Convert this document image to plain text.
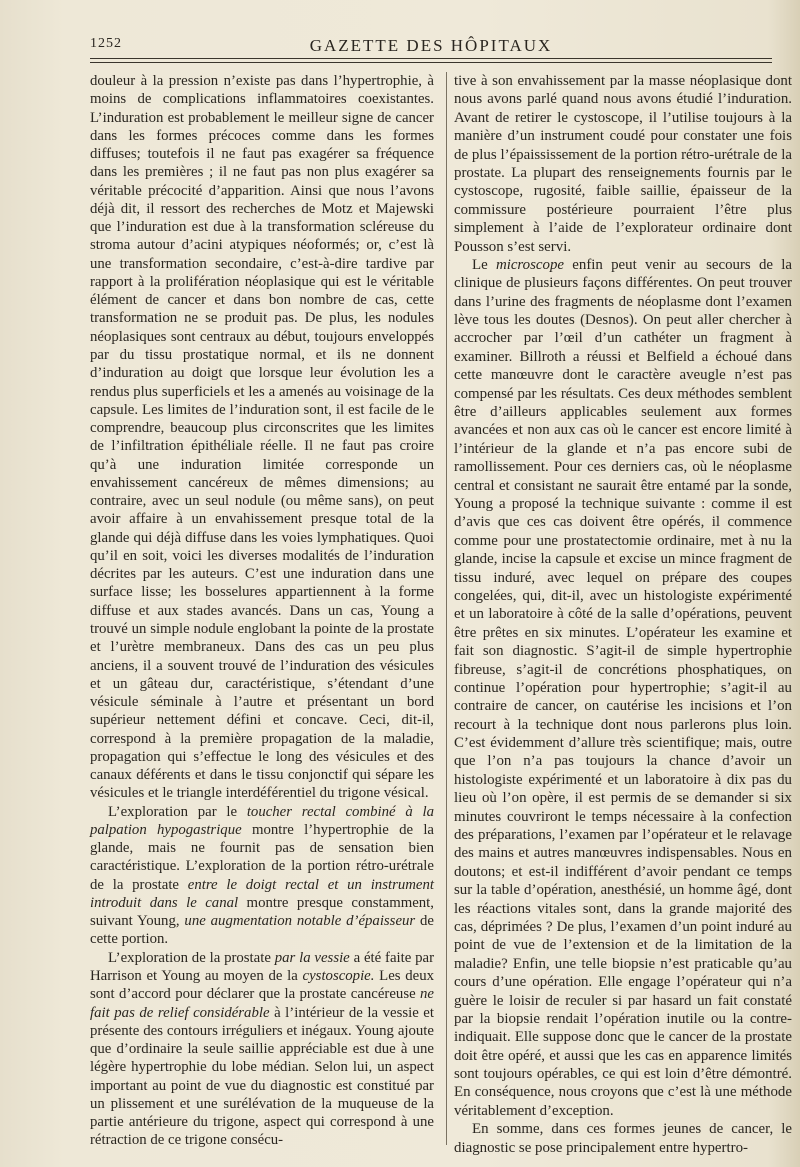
1252	GAZETTE DES HÔPITAUX

douleur à la pression n’existe pas dans l’hypertrophie, à moins de complications inflammatoires coexistantes. L’induration est probablement le meilleur signe de cancer dans les formes précoces comme dans les formes diffuses; toutefois il ne faut pas exagérer sa fréquence dans les premières ; il ne faut pas non plus exagérer sa véritable précocité d’apparition. Ainsi que nous l’avons déjà dit, il ressort des recherches de Motz et Majewski que l’induration est due à la transformation scléreuse du stroma autour d’acini atypiques néoformés; or, c’est là une transformation secondaire, c’est-à-dire tardive par rapport à la prolifération néoplasique qui est le véritable élément de cancer et dans bon nombre de cas, cette transformation ne se produit pas. De plus, les nodules néoplasiques sont centraux au début, toujours enveloppés par du tissu prostatique normal, et ils ne donnent d’induration au doigt que lorsque leur évolution les a rendus plus superficiels et les a amenés au voisinage de la capsule. Les limites de l’induration sont, il est facile de le comprendre, beaucoup plus circonscrites que les limites de l’infiltration épithéliale réelle. Il ne faut pas croire qu’à une induration limitée corresponde un envahissement cancéreux de mêmes dimensions; au contraire, avec un seul nodule (ou même sans), on peut avoir affaire à un envahissement presque total de la glande qui déjà diffuse dans les voies lymphatiques. Quoi qu’il en soit, voici les diverses modalités de l’induration décrites par les auteurs. C’est une induration dans une surface lisse; les bosselures appartiennent à la forme diffuse et aux stades avancés. Dans un cas, Young a trouvé un simple nodule englobant la pointe de la prostate et l’urètre membraneux. Dans des cas un peu plus anciens, il a souvent trouvé de l’induration des vésicules et un gâteau dur, caractéristique, s’étendant d’une vésicule séminale à l’autre et présentant un bord supérieur nettement défini et concave. Ceci, dit-il, correspond à la première propagation de la maladie, propagation qui s’effectue le long des vésicules et des canaux déférents et dans le tissu conjonctif qui sépare les vésicules et le triangle interdéférentiel du trigone vésical.

L’exploration par le toucher rectal combiné à la palpation hypogastrique montre l’hypertrophie de la glande, mais ne fournit pas de sensation bien caractéristique. L’exploration de la portion rétro-urétrale de la prostate entre le doigt rectal et un instrument introduit dans le canal montre presque constamment, suivant Young, une augmentation notable d’épaisseur de cette portion.

L’exploration de la prostate par la vessie a été faite par Harrison et Young au moyen de la cystoscopie. Les deux sont d’accord pour déclarer que la prostate cancéreuse ne fait pas de relief considérable à l’intérieur de la vessie et présente des contours irréguliers et inégaux. Young ajoute que d’ordinaire la seule saillie appréciable est due à une légère hypertrophie du lobe médian. Selon lui, un aspect important au point de vue du diagnostic est constitué par un plissement et une surélévation de la muqueuse de la partie antérieure du trigone, aspect qui correspond à une rétraction de ce trigone consécu-

tive à son envahissement par la masse néoplasique dont nous avons parlé quand nous avons étudié l’induration. Avant de retirer le cystoscope, il l’utilise toujours à la manière d’un instrument coudé pour constater une fois de plus l’épaississement de la portion rétro-urétrale de la prostate. La plupart des renseignements fournis par le cystoscope, rugosité, faible saillie, épaisseur de la commissure postérieure pourraient l’être plus simplement à l’aide de l’explorateur ordinaire dont Pousson s’est servi.

Le microscope enfin peut venir au secours de la clinique de plusieurs façons différentes. On peut trouver dans l’urine des fragments de néoplasme dont l’examen lève tous les doutes (Desnos). On peut aller chercher à accrocher par l’œil d’un cathéter un fragment à examiner. Billroth a réussi et Belfield a échoué dans cette manœuvre dont le caractère aveugle n’est pas compensé par les résultats. Ces deux méthodes semblent être d’ailleurs applicables seulement aux formes avancées et non aux cas où le cancer est encore limité à l’intérieur de la glande et n’a pas encore subi de ramollissement. Pour ces derniers cas, où le néoplasme central et consistant ne saurait être entamé par la sonde, Young a proposé la technique suivante : comme il est d’avis que ces cas doivent être opérés, il commence comme pour une prostatectomie ordinaire, met à nu la glande, incise la capsule et excise un mince fragment de tissu induré, avec lequel on prépare des coupes congelées, qui, dit-il, avec un histologiste expérimenté et un laboratoire à côté de la salle d’opérations, peuvent être prêtes en six minutes. L’opérateur les examine et fait son diagnostic. S’agit-il de simple hypertrophie fibreuse, s’agit-il de concrétions phosphatiques, on continue l’opération pour hypertrophie; s’agit-il au contraire de cancer, on cautérise les incisions et l’on recourt à la technique dont nous parlerons plus loin. C’est évidemment d’allure très scientifique; mais, outre que l’on n’a pas toujours la chance d’avoir un histologiste expérimenté et un laboratoire à dix pas du lieu où l’on opère, il est permis de se demander si six minutes couvriront le temps nécessaire à la confection des préparations, l’examen par l’opérateur et le relavage des mains et autres manœuvres indispensables. Nous en doutons; et est-il indifférent d’avoir pendant ce temps sur la table d’opération, anesthésié, un homme âgé, dont les réactions vitales sont, dans la grande majorité des cas, déprimées ? De plus, l’examen d’un point induré au point de vue de l’extension et de la limitation de la maladie? Enfin, une telle biopsie n’est praticable qu’au cours d’une opération. Elle engage l’opérateur qui n’a guère le loisir de reculer si par hasard un fait constaté par la biopsie rendait l’opération inutile ou la contre-indiquait. Elle suppose donc que le cancer de la prostate doit être opéré, et aussi que les cas en apparence limités sont toujours opérables, ce qui est loin d’être démontré. En conséquence, nous croyons que c’est là une méthode véritablement d’exception.

En somme, dans ces formes jeunes de cancer, le diagnostic se pose principalement entre hypertro-
